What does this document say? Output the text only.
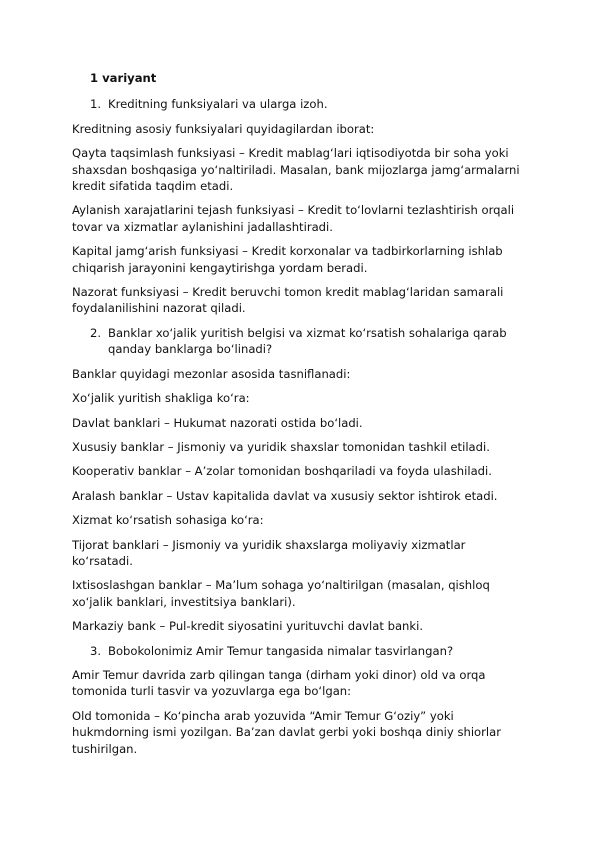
1 variyant
1. Kreditning funksiyalari va ularga izoh.
Kreditning asosiy funksiyalari quyidagilardan iborat:
Qayta taqsimlash funksiyasi – Kredit mablag‘lari iqtisodiyotda bir soha yoki shaxsdan boshqasiga yo‘naltiriladi. Masalan, bank mijozlarga jamg‘armalarni kredit sifatida taqdim etadi.
Aylanish xarajatlarini tejash funksiyasi – Kredit to‘lovlarni tezlashtirish orqali tovar va xizmatlar aylanishini jadallashtiradi.
Kapital jamg‘arish funksiyasi – Kredit korxonalar va tadbirkorlarning ishlab chiqarish jarayonini kengaytirishga yordam beradi.
Nazorat funksiyasi – Kredit beruvchi tomon kredit mablag‘laridan samarali foydalanilishini nazorat qiladi.
2. Banklar xo‘jalik yuritish belgisi va xizmat ko‘rsatish sohalariga qarab qanday banklarga bo‘linadi?
Banklar quyidagi mezonlar asosida tasniflanadi:
Xo‘jalik yuritish shakliga ko‘ra:
Davlat banklari – Hukumat nazorati ostida bo‘ladi.
Xususiy banklar – Jismoniy va yuridik shaxslar tomonidan tashkil etiladi.
Kooperativ banklar – A’zolar tomonidan boshqariladi va foyda ulashiladi.
Aralash banklar – Ustav kapitalida davlat va xususiy sektor ishtirok etadi.
Xizmat ko‘rsatish sohasiga ko‘ra:
Tijorat banklari – Jismoniy va yuridik shaxslarga moliyaviy xizmatlar ko‘rsatadi.
Ixtisoslashgan banklar – Ma’lum sohaga yo‘naltirilgan (masalan, qishloq xo‘jalik banklari, investitsiya banklari).
Markaziy bank – Pul-kredit siyosatini yurituvchi davlat banki.
3. Bobokolonimiz Amir Temur tangasida nimalar tasvirlangan?
Amir Temur davrida zarb qilingan tanga (dirham yoki dinor) old va orqa tomonida turli tasvir va yozuvlarga ega bo‘lgan:
Old tomonida – Ko‘pincha arab yozuvida “Amir Temur G‘oziy” yoki hukmdorning ismi yozilgan. Ba’zan davlat gerbi yoki boshqa diniy shiorlar tushirilgan.
